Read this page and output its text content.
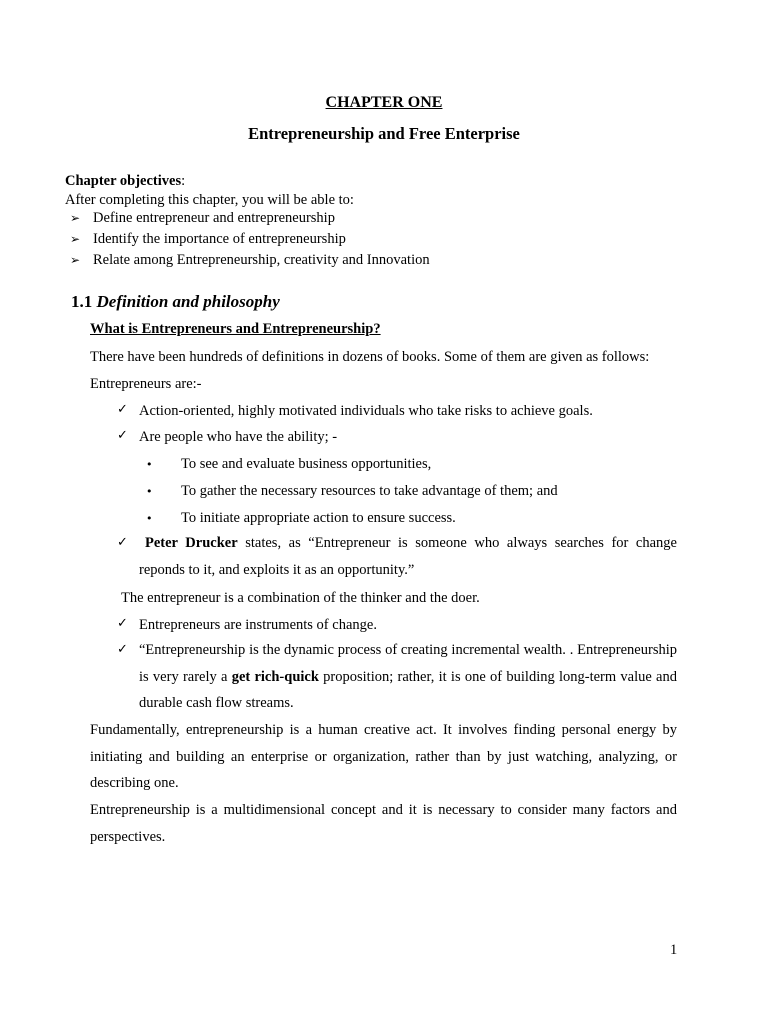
CHAPTER ONE
Entrepreneurship and Free Enterprise
Chapter objectives:
After completing this chapter, you will be able to:
➢ Define entrepreneur and entrepreneurship
➢ Identify the importance of entrepreneurship
➢ Relate among Entrepreneurship, creativity and Innovation
1.1 Definition and philosophy
What is Entrepreneurs and Entrepreneurship?
There have been hundreds of definitions in dozens of books. Some of them are given as follows:
Entrepreneurs are:-
✓ Action-oriented, highly motivated individuals who take risks to achieve goals.
✓ Are people who have the ability; -
• To see and evaluate business opportunities,
• To gather the necessary resources to take advantage of them; and
• To initiate appropriate action to ensure success.
✓	Peter Drucker states, as “Entrepreneur is someone who always searches for change reponds to it, and exploits it as an opportunity.”
The entrepreneur is a combination of the thinker and the doer.
✓ Entrepreneurs are instruments of change.
✓ “Entrepreneurship is the dynamic process of creating incremental wealth. . Entrepreneurship is very rarely a get rich-quick proposition; rather, it is one of building long-term value and durable cash flow streams.
Fundamentally, entrepreneurship is a human creative act. It involves finding personal energy by initiating and building an enterprise or organization, rather than by just watching, analyzing, or describing one.
Entrepreneurship is a multidimensional concept and it is necessary to consider many factors and perspectives.
1
